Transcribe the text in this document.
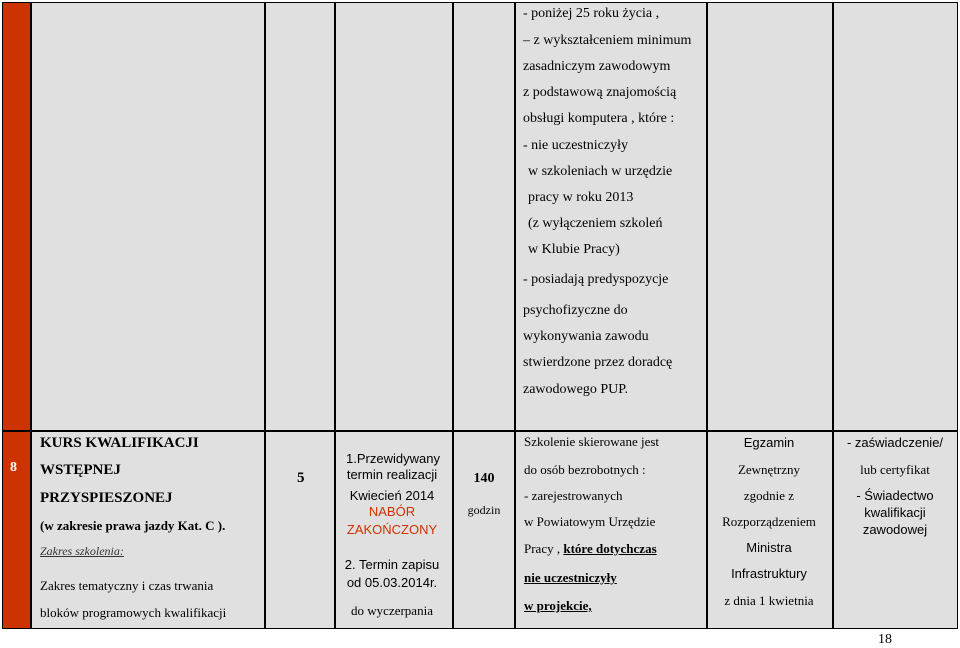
- poniżej 25 roku życia ,
– z wykształceniem minimum
zasadniczym zawodowym
z podstawową znajomością
obsługi komputera , które :
- nie uczestniczyły
w szkoleniach w urzędzie
pracy w roku 2013
(z wyłączeniem szkoleń
w Klubie Pracy)
- posiadają predyspozycje
psychofizyczne do
wykonywania zawodu
stwierdzone przez doradcę
zawodowego PUP.
8
KURS KWALIFIKACJI
WSTĘPNEJ
PRZYSPIESZONEJ
(w zakresie prawa jazdy Kat. C ).
Zakres szkolenia:
Zakres tematyczny i czas trwania
bloków programowych kwalifikacji
5
1.Przewidywany
termin realizacji
Kwiecień 2014
NABÓR
ZAKOŃCZONY
2. Termin zapisu
od 05.03.2014r.
do wyczerpania
140
godzin
Szkolenie skierowane jest
do osób bezrobotnych :
- zarejestrowanych
w Powiatowym Urzędzie
Pracy , które dotychczas
nie uczestniczyły
w projekcie,
Egzamin
Zewnętrzny
zgodnie z
Rozporządzeniem
Ministra
Infrastruktury
z dnia 1 kwietnia
- zaświadczenie/
lub certyfikat
- Świadectwo
kwalifikacji
zawodowej
18
